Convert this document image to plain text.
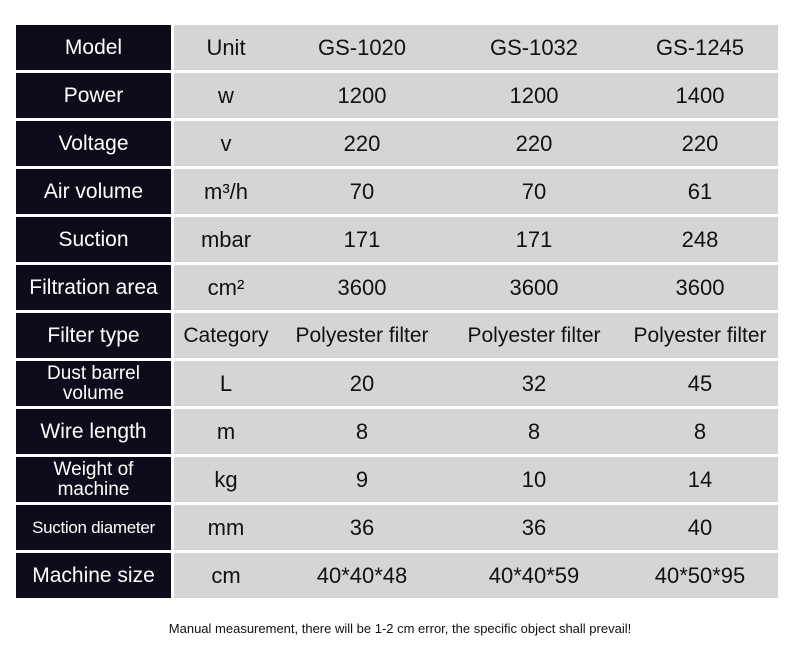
Model	Unit	GS-1020	GS-1032	GS-1245
Power	w	1200	1200	1400
Voltage	v	220	220	220
Air volume	m³/h	70	70	61
Suction	mbar	171	171	248
Filtration area	cm²	3600	3600	3600
Filter type	Category	Polyester filter	Polyester filter	Polyester filter
Dust barrel volume	L	20	32	45
Wire length	m	8	8	8
Weight of machine	kg	9	10	14
Suction diameter	mm	36	36	40
Machine size	cm	40*40*48	40*40*59	40*50*95
Manual measurement, there will be 1-2 cm error, the specific object shall prevail!
